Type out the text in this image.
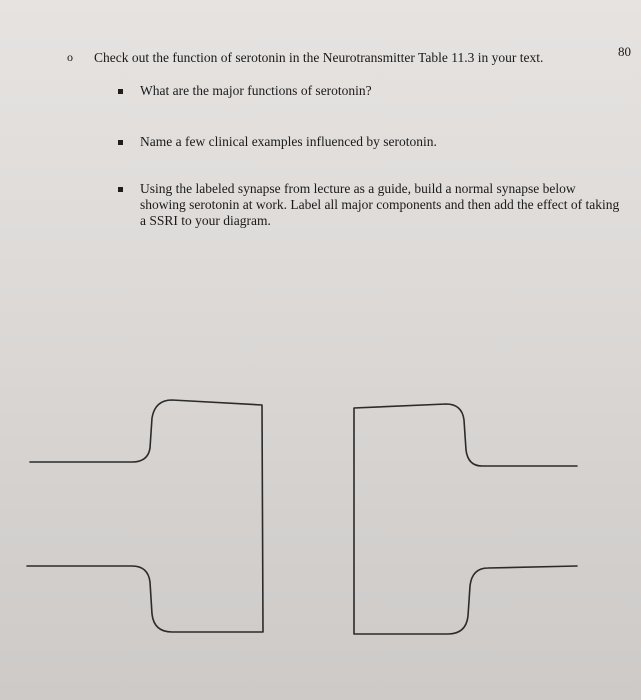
80
o Check out the function of serotonin in the Neurotransmitter Table 11.3 in your text.
What are the major functions of serotonin?
Name a few clinical examples influenced by serotonin.
Using the labeled synapse from lecture as a guide, build a normal synapse below showing serotonin at work. Label all major components and then add the effect of taking a SSRI to your diagram.
